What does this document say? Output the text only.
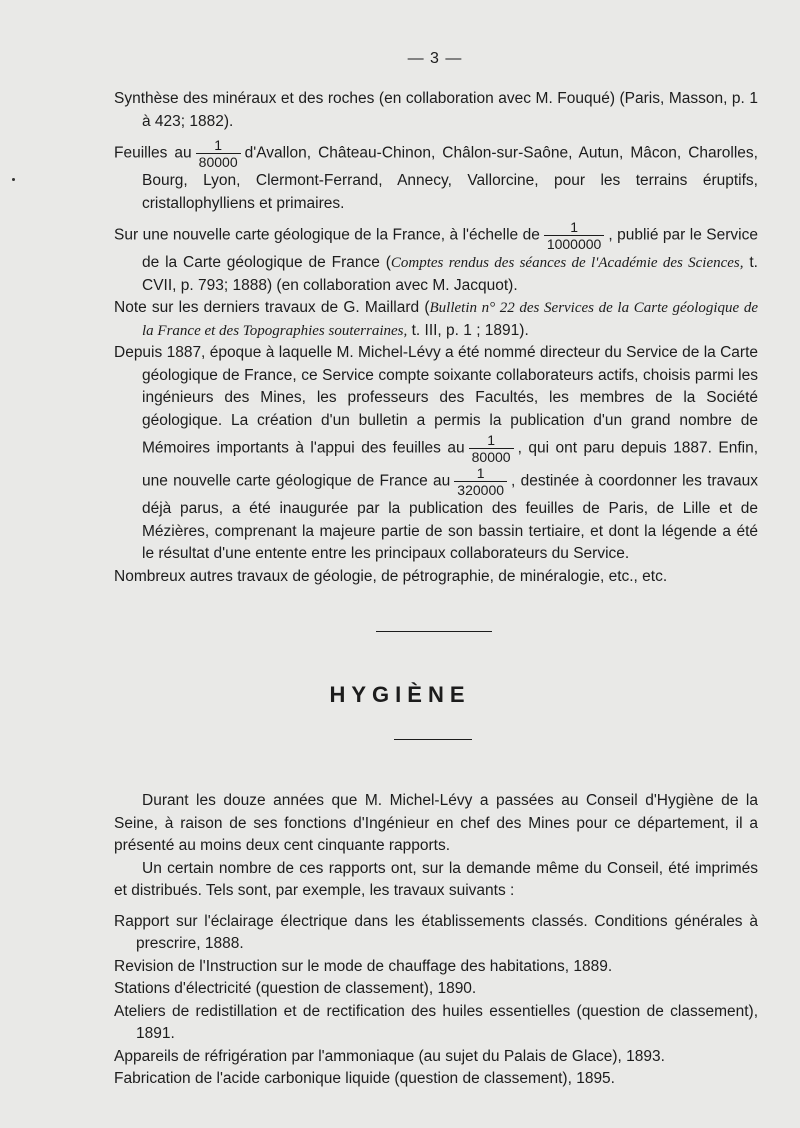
— 3 —

Synthèse des minéraux et des roches (en collaboration avec M. Fouqué) (Paris, Masson, p. 1 à 423; 1882).

Feuilles au $\frac{1}{80000}$ d'Avallon, Château-Chinon, Châlon-sur-Saône, Autun, Mâcon, Charolles, Bourg, Lyon, Clermont-Ferrand, Annecy, Vallorcine, pour les terrains éruptifs, cristallophylliens et primaires.

Sur une nouvelle carte géologique de la France, à l'échelle de $\frac{1}{1000000}$ , publié par le Service de la Carte géologique de France (Comptes rendus des séances de l'Académie des Sciences, t. CVII, p. 793; 1888) (en collaboration avec M. Jacquot).

Note sur les derniers travaux de G. Maillard (Bulletin n° 22 des Services de la Carte géologique de la France et des Topographies souterraines, t. III, p. 1 ; 1891).

Depuis 1887, époque à laquelle M. Michel-Lévy a été nommé directeur du Service de la Carte géologique de France, ce Service compte soixante collaborateurs actifs, choisis parmi les ingénieurs des Mines, les professeurs des Facultés, les membres de la Société géologique. La création d'un bulletin a permis la publication d'un grand nombre de Mémoires importants à l'appui des feuilles au $\frac{1}{80000}$ , qui ont paru depuis 1887. Enfin, une nouvelle carte géologique de France au $\frac{1}{320000}$ , destinée à coordonner les travaux déjà parus, a été inaugurée par la publication des feuilles de Paris, de Lille et de Mézières, comprenant la majeure partie de son bassin tertiaire, et dont la légende a été le résultat d'une entente entre les principaux collaborateurs du Service.

Nombreux autres travaux de géologie, de pétrographie, de minéralogie, etc., etc.

HYGIÈNE

Durant les douze années que M. Michel-Lévy a passées au Conseil d'Hygiène de la Seine, à raison de ses fonctions d'Ingénieur en chef des Mines pour ce département, il a présenté au moins deux cent cinquante rapports.

Un certain nombre de ces rapports ont, sur la demande même du Conseil, été imprimés et distribués. Tels sont, par exemple, les travaux suivants :

Rapport sur l'éclairage électrique dans les établissements classés. Conditions générales à prescrire, 1888.

Revision de l'Instruction sur le mode de chauffage des habitations, 1889.

Stations d'électricité (question de classement), 1890.

Ateliers de redistillation et de rectification des huiles essentielles (question de classement), 1891.

Appareils de réfrigération par l'ammoniaque (au sujet du Palais de Glace), 1893.

Fabrication de l'acide carbonique liquide (question de classement), 1895.
